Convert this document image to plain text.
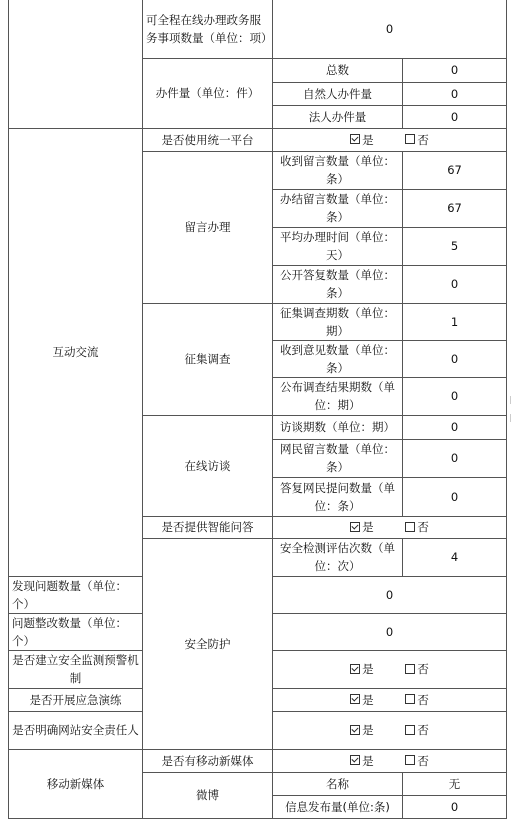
	可全程在线办理政务服务事项数量（单位：项）	0	
	办件量（单位：件）	总数	0
		自然人办件量	0
		法人办件量	0
互动交流	是否使用统一平台	是 否	
	留言办理	收到留言数量（单位：条）	67
		办结留言数量（单位：条）	67
		平均办理时间（单位：天）	5
		公开答复数量（单位：条）	0
	征集调查	征集调查期数（单位：期）	1
		收到意见数量（单位：条）	0
		公布调查结果期数（单位：期）	0
	在线访谈	访谈期数（单位：期）	0
		网民留言数量（单位：条）	0
		答复网民提问数量（单位：条）	0
	是否提供智能问答	是 否	
	安全防护	安全检测评估次数（单位：次）	4
发现问题数量（单位：个）		0	
问题整改数量（单位：个）		0	
是否建立安全监测预警机制		是 否	
是否开展应急演练		是 否	
是否明确网站安全责任人		是 否	
移动新媒体	是否有移动新媒体	是 否	
	微博	名称	无
		信息发布量(单位:条)	0
